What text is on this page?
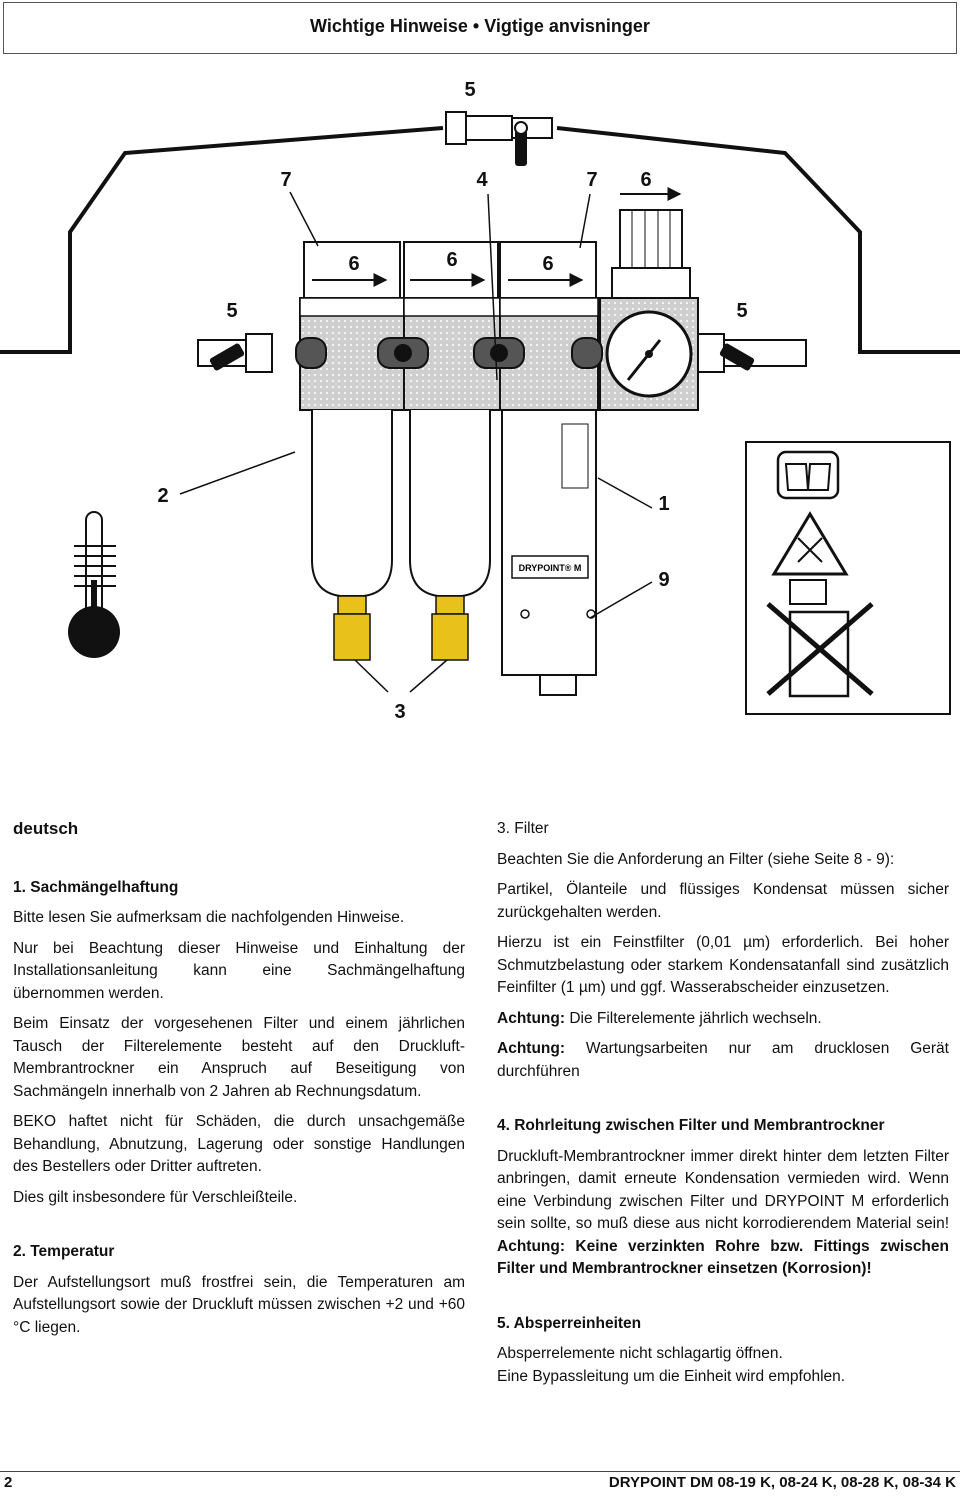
Wichtige Hinweise • Vigtige anvisninger
DRYPOINT® M
5
7	4	7 6
5
6	6	6
5
2	1
9
3

deutsch

1. Sachmängelhaftung

Bitte lesen Sie aufmerksam die nachfolgenden Hinweise.

Nur bei Beachtung dieser Hinweise und Einhaltung der Installationsanleitung kann eine Sachmängelhaftung übernommen werden.

Beim Einsatz der vorgesehenen Filter und einem jährlichen Tausch der Filterelemente besteht auf den Druckluft-Membrantrockner ein Anspruch auf Beseitigung von Sachmängeln innerhalb von 2 Jahren ab Rechnungsdatum.

BEKO haftet nicht für Schäden, die durch unsachgemäße Behandlung, Abnutzung, Lagerung oder sonstige Handlungen des Bestellers oder Dritter auftreten.

Dies gilt insbesondere für Verschleißteile.

2. Temperatur

Der Aufstellungsort muß frostfrei sein, die Temperaturen am Aufstellungsort sowie der Druckluft müssen zwischen +2 und +60 °C liegen.

3. Filter

Beachten Sie die Anforderung an Filter (siehe Seite 8 - 9):

Partikel, Ölanteile und flüssiges Kondensat müssen sicher zurückgehalten werden.

Hierzu ist ein Feinstfilter (0,01 µm) erforderlich. Bei hoher Schmutzbelastung oder starkem Kondensatanfall sind zusätzlich Feinfilter (1 µm) und ggf. Wasserabscheider einzusetzen.

Achtung: Die Filterelemente jährlich wechseln.

Achtung: Wartungsarbeiten nur am drucklosen Gerät durchführen

4. Rohrleitung zwischen Filter und Membrantrockner

Druckluft-Membrantrockner immer direkt hinter dem letzten Filter anbringen, damit erneute Kondensation vermieden wird. Wenn eine Verbindung zwischen Filter und DRYPOINT M erforderlich sein sollte, so muß diese aus nicht korrodierendem Material sein! Achtung: Keine verzinkten Rohre bzw. Fittings zwischen Filter und Membrantrockner einsetzen (Korrosion)!

5. Absperreinheiten

Absperrelemente nicht schlagartig öffnen.

Eine Bypassleitung um die Einheit wird empfohlen.

2	DRYPOINT DM 08-19 K, 08-24 K, 08-28 K, 08-34 K
